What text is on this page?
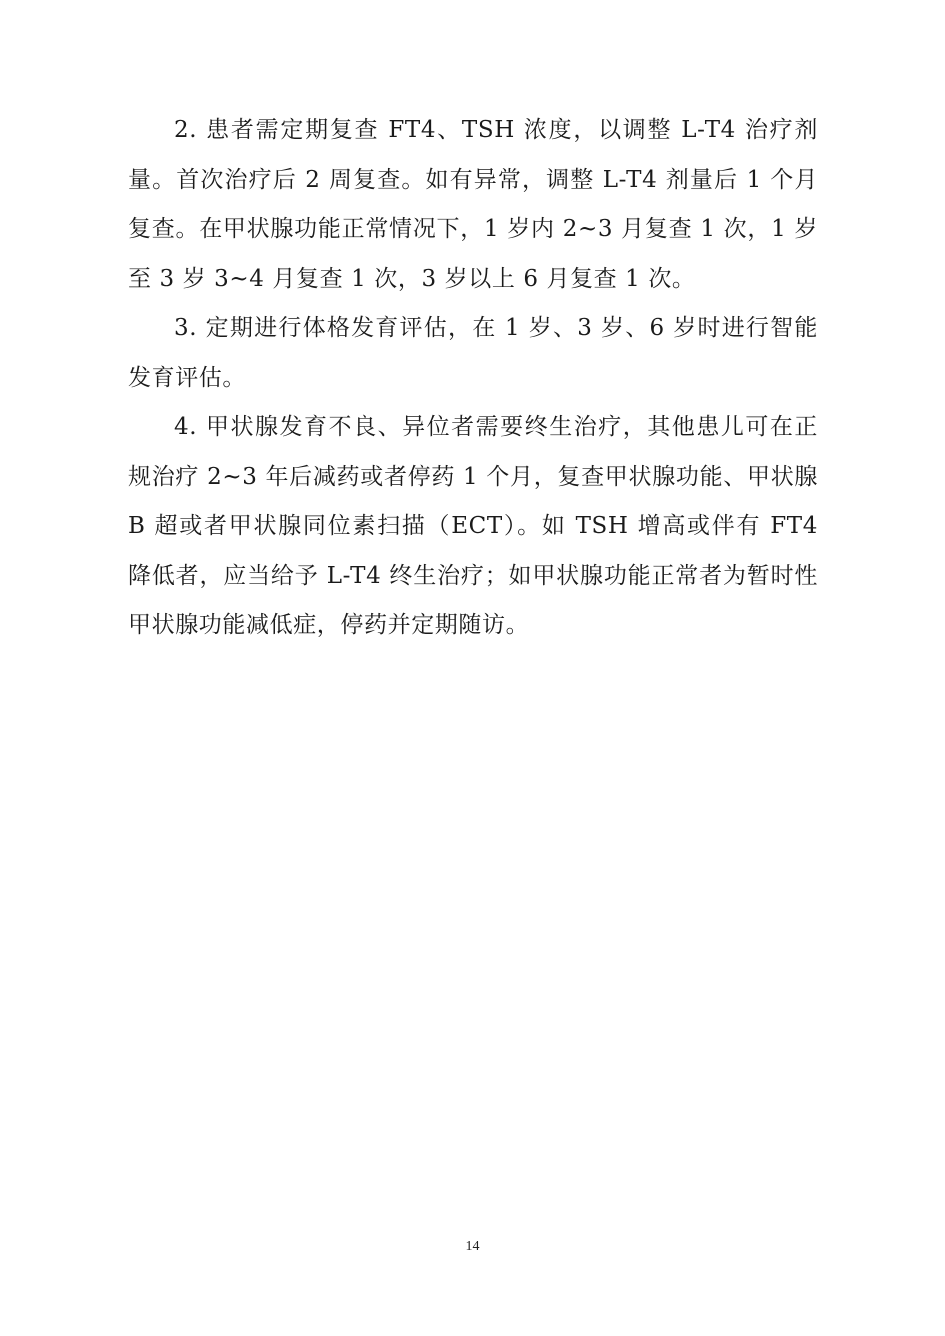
2. 患者需定期复查 FT4、TSH 浓度，以调整 L-T4 治疗剂量。首次治疗后 2 周复查。如有异常，调整 L-T4 剂量后 1 个月复查。在甲状腺功能正常情况下，1 岁内 2~3 月复查 1 次，1 岁至 3 岁 3~4 月复查 1 次，3 岁以上 6 月复查 1 次。

3. 定期进行体格发育评估，在 1 岁、3 岁、6 岁时进行智能发育评估。

4. 甲状腺发育不良、异位者需要终生治疗，其他患儿可在正规治疗 2~3 年后减药或者停药 1 个月，复查甲状腺功能、甲状腺 B 超或者甲状腺同位素扫描（ECT）。如 TSH 增高或伴有 FT4 降低者，应当给予 L-T4 终生治疗；如甲状腺功能正常者为暂时性甲状腺功能减低症，停药并定期随访。

14
